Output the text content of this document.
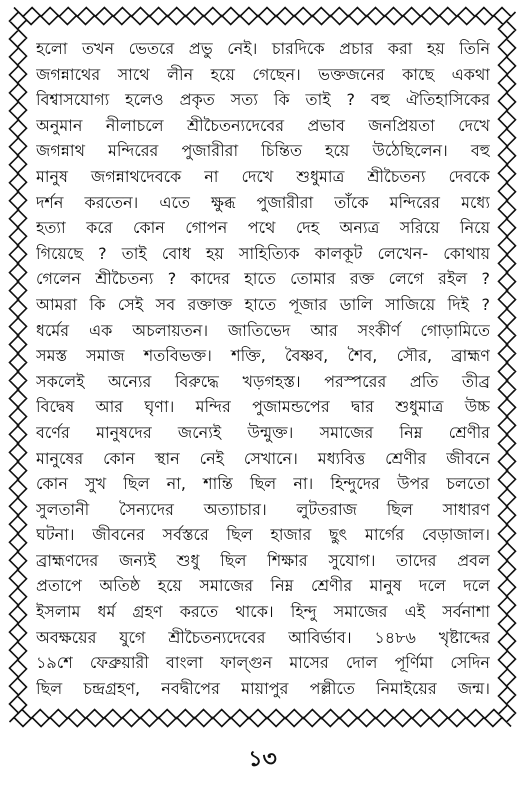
হলো তখন ভেতরে প্রভু নেই। চারদিকে প্রচার করা হয় তিনি
জগন্নাথের সাথে লীন হয়ে গেছেন। ভক্তজনের কাছে একথা
বিশ্বাসযোগ্য হলেও প্রকৃত সত্য কি তাই ? বহু ঐতিহাসিকের
অনুমান নীলাচলে শ্রীচৈতন্যদেবের প্রভাব জনপ্রিয়তা দেখে
জগন্নাথ মন্দিরের পুজারীরা চিন্তিত হয়ে উঠেছিলেন। বহু
মানুষ জগন্নাথদেবকে না দেখে শুধুমাত্র শ্রীচৈতন্য দেবকে
দর্শন করতেন। এতে ক্ষুব্ধ পুজারীরা তাঁকে মন্দিরের মধ্যে
হত্যা করে কোন গোপন পথে দেহ অন্যত্র সরিয়ে নিয়ে
গিয়েছে ? তাই বোধ হয় সাহিত্যিক কালকূট লেখেন- কোথায়
গেলেন শ্রীচৈতন্য ? কাদের হাতে তোমার রক্ত লেগে রইল ?
আমরা কি সেই সব রক্তাক্ত হাতে পূজার ডালি সাজিয়ে দিই ?
ধর্মের এক অচলায়তন। জাতিভেদ আর সংকীর্ণ গোড়ামিতে
সমস্ত সমাজ শতবিভক্ত। শক্তি, বৈষ্ণব, শৈব, সৌর, ব্রাহ্মণ
সকলেই অন্যের বিরুদ্ধে খড়গহস্ত। পরস্পরের প্রতি তীব্র
বিদ্বেষ আর ঘৃণা। মন্দির পুজামন্ডপের দ্বার শুধুমাত্র উচ্চ
বর্ণের মানুষদের জন্যেই উন্মুক্ত। সমাজের নিম্ন শ্রেণীর
মানুষের কোন স্থান নেই সেখানে। মধ্যবিত্ত শ্রেণীর জীবনে
কোন সুখ ছিল না, শান্তি ছিল না। হিন্দুদের উপর চলতো
সুলতানী সৈন্যদের অত্যাচার। লুটতরাজ ছিল সাধারণ
ঘটনা। জীবনের সর্বস্তরে ছিল হাজার ছুৎ মার্গের বেড়াজাল।
ব্রাহ্মণদের জন্যই শুধু ছিল শিক্ষার সুযোগ। তাদের প্রবল
প্রতাপে অতিষ্ঠ হয়ে সমাজের নিম্ন শ্রেণীর মানুষ দলে দলে
ইসলাম ধর্ম গ্রহণ করতে থাকে। হিন্দু সমাজের এই সর্বনাশা
অবক্ষয়ের যুগে শ্রীচৈতন্যদেবের আবির্ভাব। ১৪৮৬ খৃষ্টাব্দের
১৯শে ফেব্রুয়ারী বাংলা ফাল্গুন মাসের দোল পূর্ণিমা সেদিন
ছিল চন্দ্রগ্রহণ, নবদ্বীপের মায়াপুর পল্লীতে নিমাইয়ের জন্ম।
১৩
